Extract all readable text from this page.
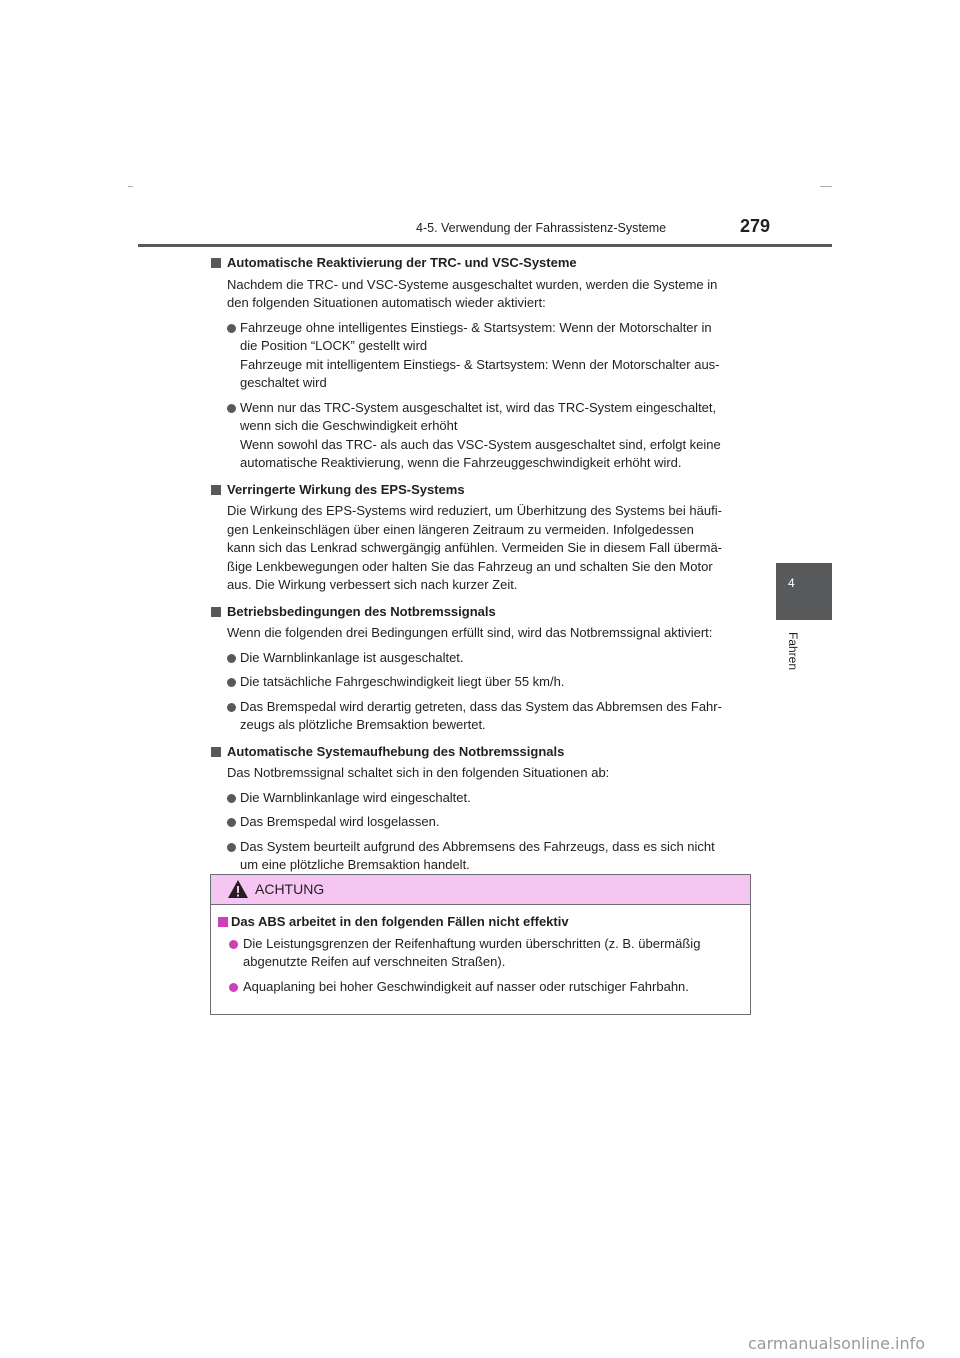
4-5. Verwendung der Fahrassistenz-Systeme	279
4
Fahren
Automatische Reaktivierung der TRC- und VSC-Systeme
Nachdem die TRC- und VSC-Systeme ausgeschaltet wurden, werden die Systeme in
den folgenden Situationen automatisch wieder aktiviert:
Fahrzeuge ohne intelligentes Einstiegs- & Startsystem: Wenn der Motorschalter in
die Position “LOCK” gestellt wird
Fahrzeuge mit intelligentem Einstiegs- & Startsystem: Wenn der Motorschalter aus-
geschaltet wird
Wenn nur das TRC-System ausgeschaltet ist, wird das TRC-System eingeschaltet,
wenn sich die Geschwindigkeit erhöht
Wenn sowohl das TRC- als auch das VSC-System ausgeschaltet sind, erfolgt keine
automatische Reaktivierung, wenn die Fahrzeuggeschwindigkeit erhöht wird.
Verringerte Wirkung des EPS-Systems
Die Wirkung des EPS-Systems wird reduziert, um Überhitzung des Systems bei häufi-
gen Lenkeinschlägen über einen längeren Zeitraum zu vermeiden. Infolgedessen
kann sich das Lenkrad schwergängig anfühlen. Vermeiden Sie in diesem Fall übermä-
ßige Lenkbewegungen oder halten Sie das Fahrzeug an und schalten Sie den Motor
aus. Die Wirkung verbessert sich nach kurzer Zeit.
Betriebsbedingungen des Notbremssignals
Wenn die folgenden drei Bedingungen erfüllt sind, wird das Notbremssignal aktiviert:
Die Warnblinkanlage ist ausgeschaltet.
Die tatsächliche Fahrgeschwindigkeit liegt über 55 km/h.
Das Bremspedal wird derartig getreten, dass das System das Abbremsen des Fahr-
zeugs als plötzliche Bremsaktion bewertet.
Automatische Systemaufhebung des Notbremssignals
Das Notbremssignal schaltet sich in den folgenden Situationen ab:
Die Warnblinkanlage wird eingeschaltet.
Das Bremspedal wird losgelassen.
Das System beurteilt aufgrund des Abbremsens des Fahrzeugs, dass es sich nicht
um eine plötzliche Bremsaktion handelt.
ACHTUNG
Das ABS arbeitet in den folgenden Fällen nicht effektiv
Die Leistungsgrenzen der Reifenhaftung wurden überschritten (z. B. übermäßig
abgenutzte Reifen auf verschneiten Straßen).
Aquaplaning bei hoher Geschwindigkeit auf nasser oder rutschiger Fahrbahn.
carmanualsonline.info
